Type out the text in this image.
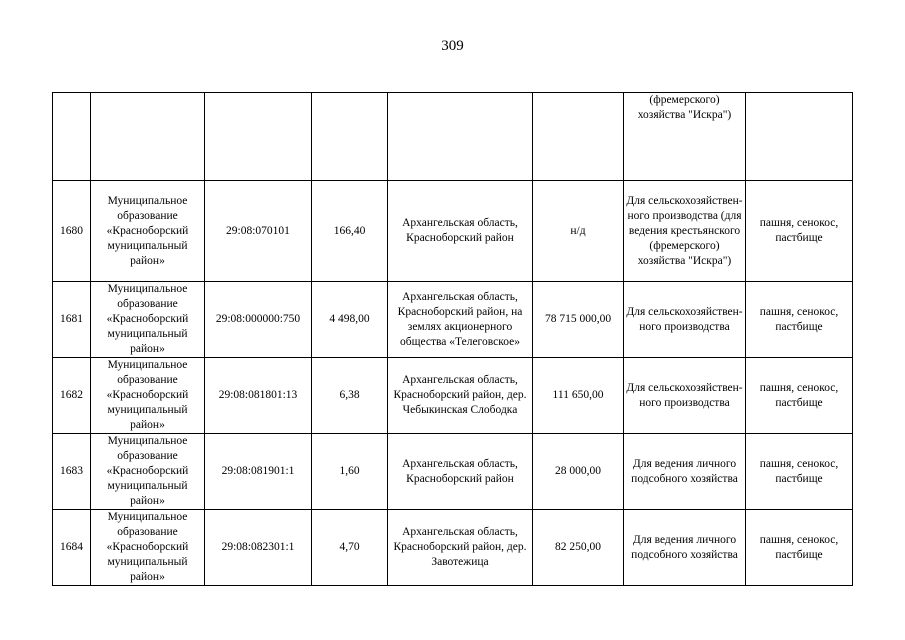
309
						(фремерского) хозяйства "Искра")	
1680	Муниципальное образование «Красноборский муниципальный район»	29:08:070101	166,40	Архангельская область, Красноборский район	н/д	Для сельскохозяйствен-ного производства (для ведения крестьянского (фремерского) хозяйства "Искра")	пашня, сенокос, пастбище
1681	Муниципальное образование «Красноборский муниципальный район»	29:08:000000:750	4 498,00	Архангельская область, Красноборский район, на землях акционерного общества «Телеговское»	78 715 000,00	Для сельскохозяйствен-ного производства	пашня, сенокос, пастбище
1682	Муниципальное образование «Красноборский муниципальный район»	29:08:081801:13	6,38	Архангельская область, Красноборский район, дер. Чебыкинская Слободка	111 650,00	Для сельскохозяйствен-ного производства	пашня, сенокос, пастбище
1683	Муниципальное образование «Красноборский муниципальный район»	29:08:081901:1	1,60	Архангельская область, Красноборский район	28 000,00	Для ведения личного подсобного хозяйства	пашня, сенокос, пастбище
1684	Муниципальное образование «Красноборский муниципальный район»	29:08:082301:1	4,70	Архангельская область, Красноборский район, дер. Завотежица	82 250,00	Для ведения личного подсобного хозяйства	пашня, сенокос, пастбище
